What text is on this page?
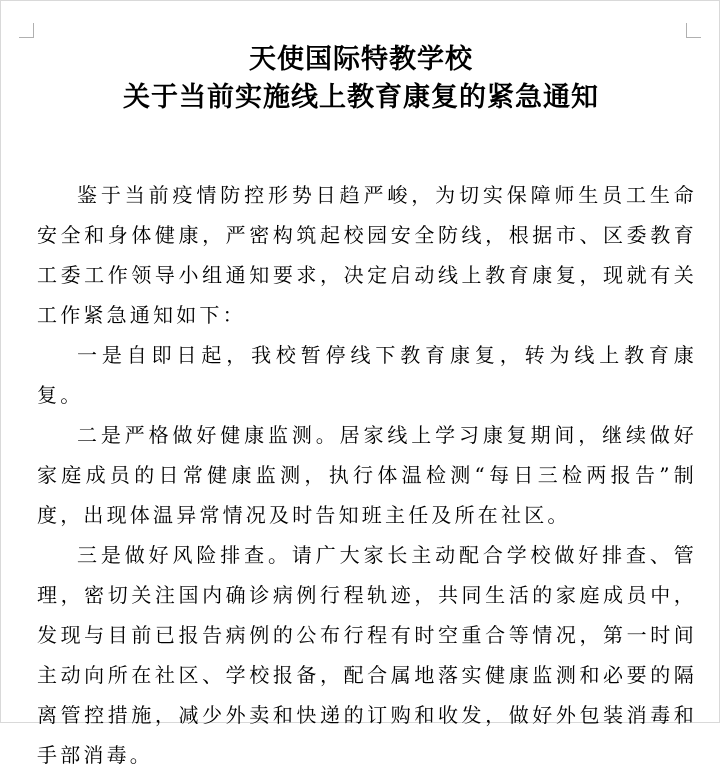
天使国际特教学校
关于当前实施线上教育康复的紧急通知

鉴于当前疫情防控形势日趋严峻，为切实保障师生员工生命安全和身体健康，严密构筑起校园安全防线，根据市、区委教育工委工作领导小组通知要求，决定启动线上教育康复，现就有关工作紧急通知如下：

一是自即日起，我校暂停线下教育康复，转为线上教育康复。

二是严格做好健康监测。居家线上学习康复期间，继续做好家庭成员的日常健康监测，执行体温检测“每日三检两报告”制度，出现体温异常情况及时告知班主任及所在社区。

三是做好风险排查。请广大家长主动配合学校做好排查、管理，密切关注国内确诊病例行程轨迹，共同生活的家庭成员中，发现与目前已报告病例的公布行程有时空重合等情况，第一时间主动向所在社区、学校报备，配合属地落实健康监测和必要的隔离管控措施，减少外卖和快递的订购和收发，做好外包装消毒和手部消毒。
